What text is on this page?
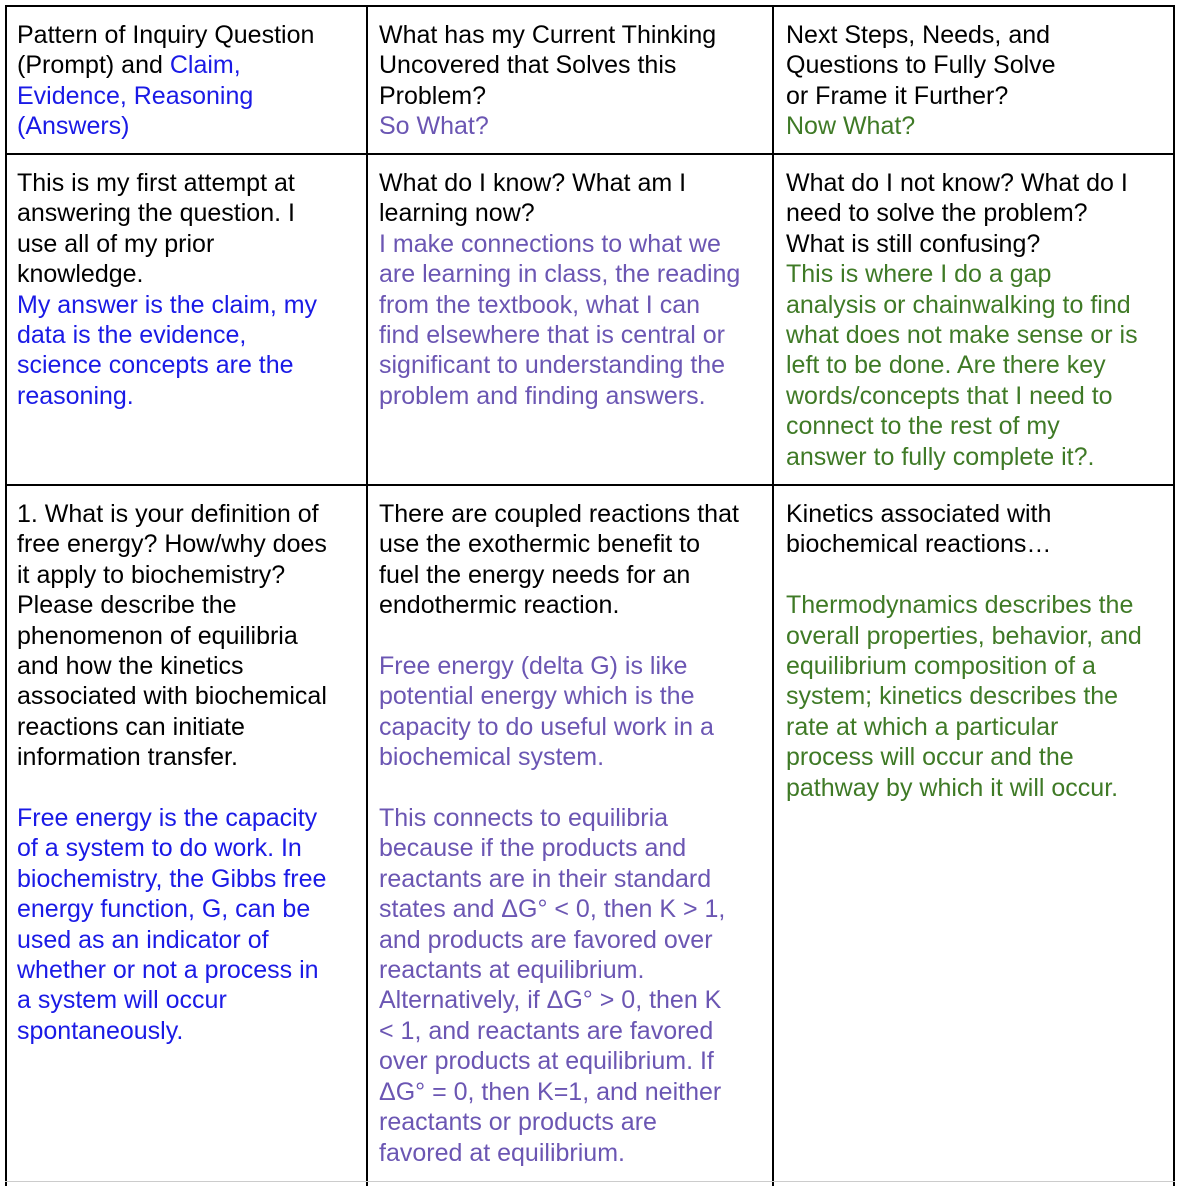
Pattern of Inquiry Question
(Prompt) and Claim,
Evidence, Reasoning
(Answers)
What has my Current Thinking
Uncovered that Solves this
Problem?
So What?
Next Steps, Needs, and
Questions to Fully Solve
or Frame it Further?
Now What?
This is my first attempt at
answering the question. I
use all of my prior
knowledge.
My answer is the claim, my
data is the evidence,
science concepts are the
reasoning.
What do I know? What am I
learning now?
I make connections to what we
are learning in class, the reading
from the textbook, what I can
find elsewhere that is central or
significant to understanding the
problem and finding answers.
What do I not know? What do I
need to solve the problem?
What is still confusing?
This is where I do a gap
analysis or chainwalking to find
what does not make sense or is
left to be done. Are there key
words/concepts that I need to
connect to the rest of my
answer to fully complete it?.
1. What is your definition of
free energy? How/why does
it apply to biochemistry?
Please describe the
phenomenon of equilibria
and how the kinetics
associated with biochemical
reactions can initiate
information transfer.
Free energy is the capacity
of a system to do work. In
biochemistry, the Gibbs free
energy function, G, can be
used as an indicator of
whether or not a process in
a system will occur
spontaneously.
There are coupled reactions that
use the exothermic benefit to
fuel the energy needs for an
endothermic reaction.
Free energy (delta G) is like
potential energy which is the
capacity to do useful work in a
biochemical system.
This connects to equilibria
because if the products and
reactants are in their standard
states and ΔG° < 0, then K > 1,
and products are favored over
reactants at equilibrium.
Alternatively, if ΔG° > 0, then K
< 1, and reactants are favored
over products at equilibrium. If
ΔG° = 0, then K=1, and neither
reactants or products are
favored at equilibrium.
Kinetics associated with
biochemical reactions…
Thermodynamics describes the
overall properties, behavior, and
equilibrium composition of a
system; kinetics describes the
rate at which a particular
process will occur and the
pathway by which it will occur.
